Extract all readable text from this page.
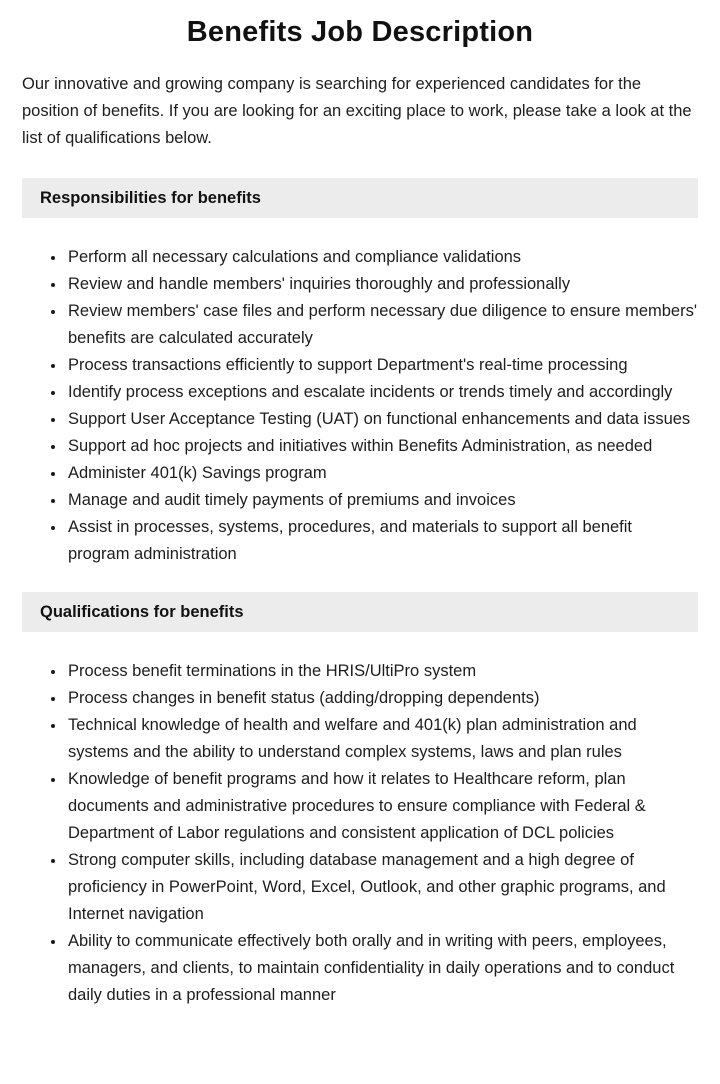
Benefits Job Description

Our innovative and growing company is searching for experienced candidates for the position of benefits. If you are looking for an exciting place to work, please take a look at the list of qualifications below.

Responsibilities for benefits
• Perform all necessary calculations and compliance validations
• Review and handle members' inquiries thoroughly and professionally
• Review members' case files and perform necessary due diligence to ensure members' benefits are calculated accurately
• Process transactions efficiently to support Department's real-time processing
• Identify process exceptions and escalate incidents or trends timely and accordingly
• Support User Acceptance Testing (UAT) on functional enhancements and data issues
• Support ad hoc projects and initiatives within Benefits Administration, as needed
• Administer 401(k) Savings program
• Manage and audit timely payments of premiums and invoices
• Assist in processes, systems, procedures, and materials to support all benefit program administration
Qualifications for benefits
• Process benefit terminations in the HRIS/UltiPro system
• Process changes in benefit status (adding/dropping dependents)
• Technical knowledge of health and welfare and 401(k) plan administration and systems and the ability to understand complex systems, laws and plan rules
• Knowledge of benefit programs and how it relates to Healthcare reform, plan documents and administrative procedures to ensure compliance with Federal & Department of Labor regulations and consistent application of DCL policies
• Strong computer skills, including database management and a high degree of proficiency in PowerPoint, Word, Excel, Outlook, and other graphic programs, and Internet navigation
• Ability to communicate effectively both orally and in writing with peers, employees, managers, and clients, to maintain confidentiality in daily operations and to conduct daily duties in a professional manner
